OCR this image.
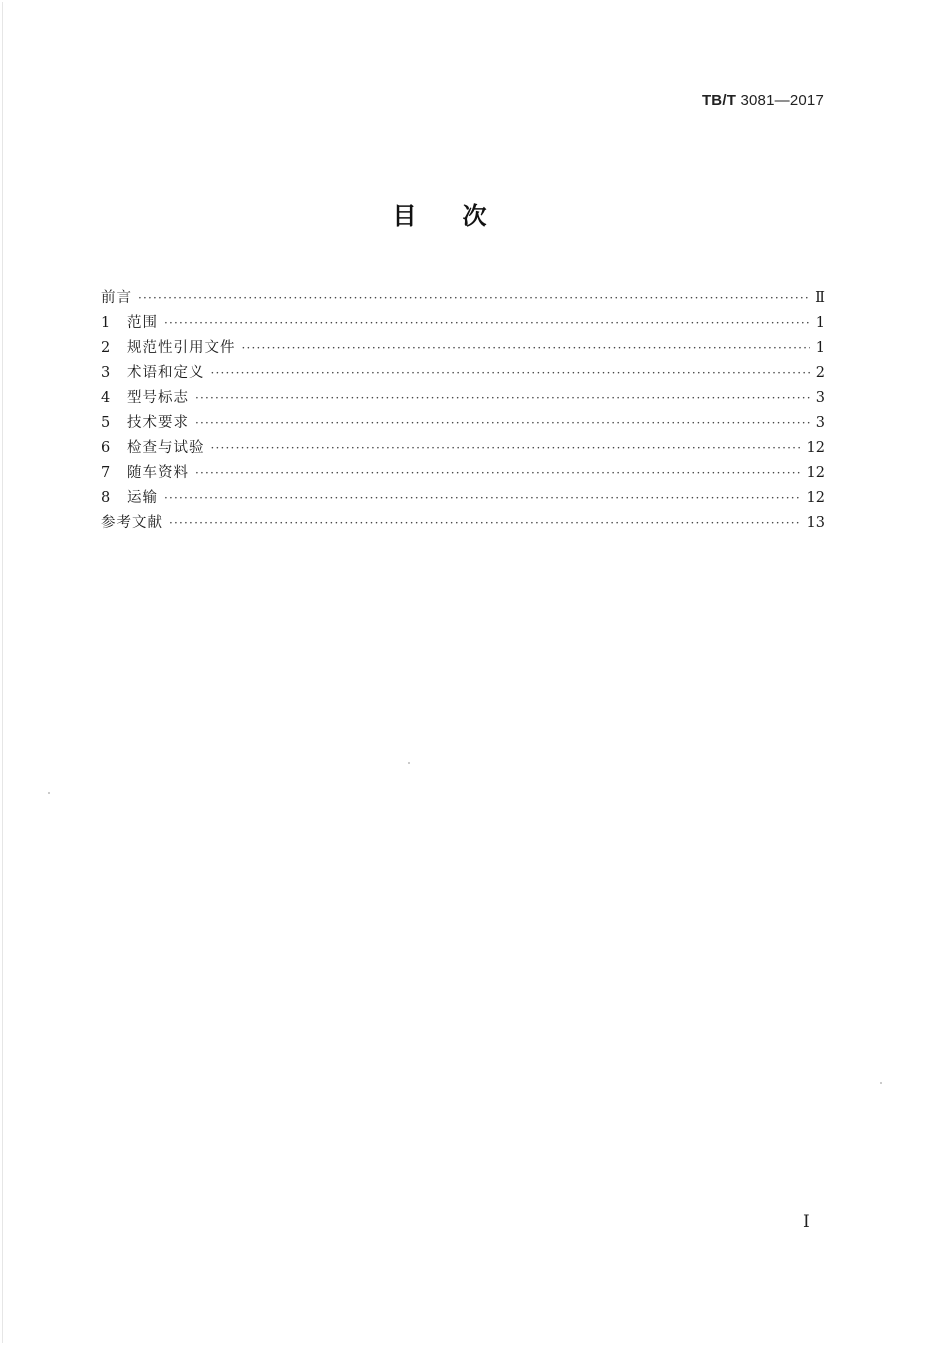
TB/T 3081—2017
目次
前言 ·····	Ⅱ
1	范围 ·····	1
2	规范性引用文件 ·····	1
3	术语和定义 ·····	2
4	型号标志 ·····	3
5	技术要求 ·····	3
6	检查与试验 ·····	12
7	随车资料 ·····	12
8	运输 ·····	12
参考文献 ·····	13
I
